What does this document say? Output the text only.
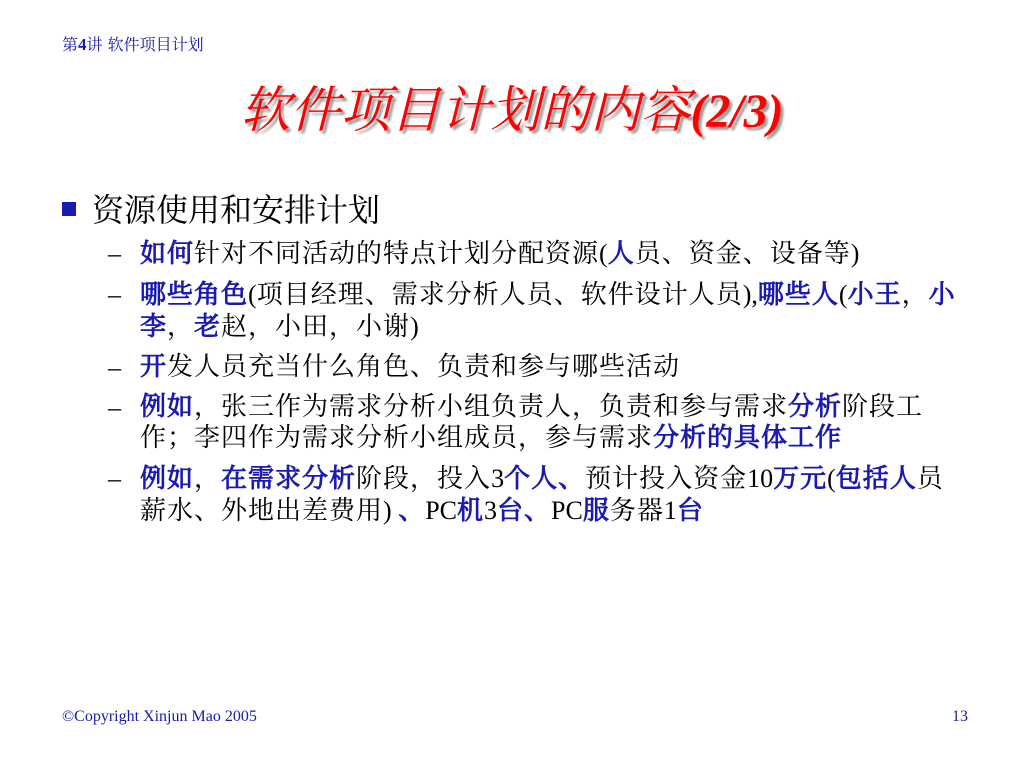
第4讲 软件项目计划
软件项目计划的内容(2/3)
资源使用和安排计划
– 如何针对不同活动的特点计划分配资源(人员、资金、设备等)
– 哪些角色(项目经理、需求分析人员、软件设计人员),哪些人(小王，小李，老赵，小田，小谢)
– 开发人员充当什么角色、负责和参与哪些活动
– 例如，张三作为需求分析小组负责人，负责和参与需求分析阶段工作；李四作为需求分析小组成员，参与需求分析的具体工作
– 例如，在需求分析阶段，投入3个人、预计投入资金10万元(包括人员薪水、外地出差费用) 、PC机3台、PC服务器1台
©Copyright Xinjun Mao 2005	13
